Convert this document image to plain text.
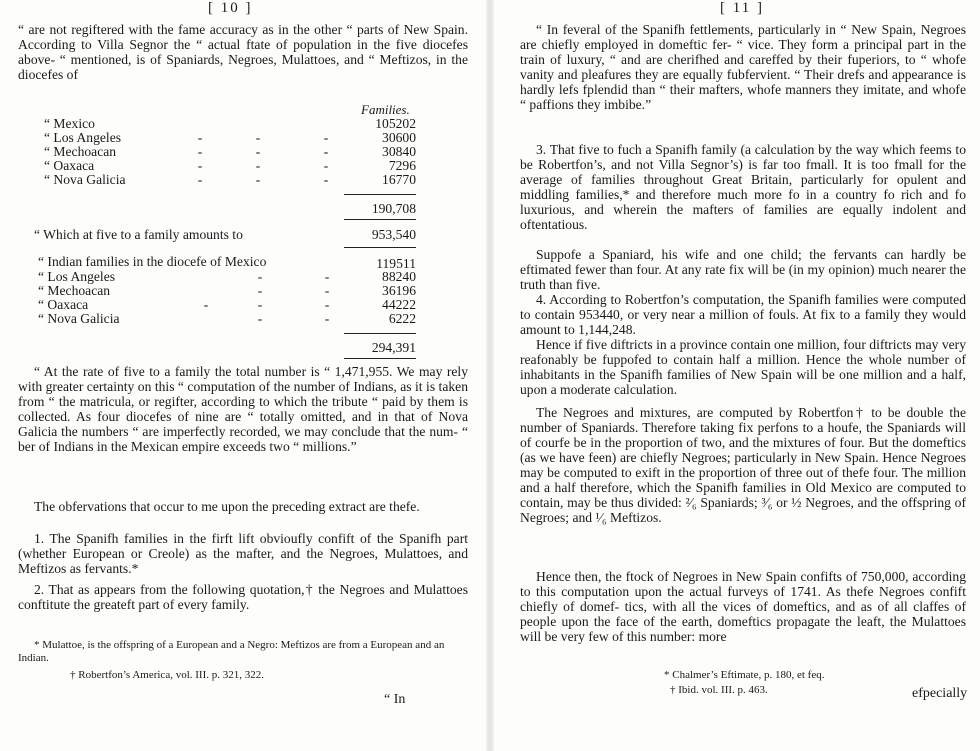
[ 10 ]

“ are not regiftered with the fame accuracy as in the other “ parts of New Spain. According to Villa Segnor the “ actual ftate of population in the five diocefes above- “ mentioned, is of Spaniards, Negroes, Mulattoes, and “ Meftizos, in the diocefes of

Families.
“ Mexico				105202
“ Los Angeles	-	-	-	30600
“ Mechoacan	-	-	-	30840
“ Oaxaca	-	-	-	7296
“ Nova Galicia	-	-	-	16770
190,708
“ Which at five to a family amounts to	953,540
“ Indian families in the diocefe of Mexico	119511
“ Los Angeles		-	-	88240
“ Mechoacan		-	-	36196
“ Oaxaca	-	-	-	44222
“ Nova Galicia		-	-	6222
294,391

“ At the rate of five to a family the total number is “ 1,471,955. We may rely with greater certainty on this “ computation of the number of Indians, as it is taken from “ the matricula, or regifter, according to which the tribute “ paid by them is collected. As four diocefes of nine are “ totally omitted, and in that of Nova Galicia the numbers “ are imperfectly recorded, we may conclude that the num- “ ber of Indians in the Mexican empire exceeds two “ millions.”

The obfervations that occur to me upon the preceding extract are thefe.

1. The Spanifh families in the firft lift obvioufly confift of the Spanifh part (whether European or Creole) as the mafter, and the Negroes, Mulattoes, and Meftizos as fervants.*

2. That as appears from the following quotation,† the Negroes and Mulattoes conftitute the greateft part of every family.

* Mulattoe, is the offspring of a European and a Negro: Meftizos are from a European and an Indian.

† Robertfon’s America, vol. III. p. 321, 322.

“ In
[ 11 ]

“ In feveral of the Spanifh fettlements, particularly in “ New Spain, Negroes are chiefly employed in domeftic fer- “ vice. They form a principal part in the train of luxury, “ and are cherifhed and careffed by their fuperiors, to “ whofe vanity and pleafures they are equally fubfervient. “ Their drefs and appearance is hardly lefs fplendid than “ their mafters, whofe manners they imitate, and whofe “ paffions they imbibe.”

3. That five to fuch a Spanifh family (a calculation by the way which feems to be Robertfon’s, and not Villa Segnor’s) is far too fmall. It is too fmall for the average of families throughout Great Britain, particularly for opulent and middling families,* and therefore much more fo in a country fo rich and fo luxurious, and wherein the mafters of families are equally indolent and oftentatious.

Suppofe a Spaniard, his wife and one child; the fervants can hardly be eftimated fewer than four. At any rate fix will be (in my opinion) much nearer the truth than five.

4. According to Robertfon’s computation, the Spanifh families were computed to contain 953440, or very near a million of fouls. At fix to a family they would amount to 1,144,248.

Hence if five diftricts in a province contain one million, four diftricts may very reafonably be fuppofed to contain half a million. Hence the whole number of inhabitants in the Spanifh families of New Spain will be one million and a half, upon a moderate calculation.

The Negroes and mixtures, are computed by Robertfon† to be double the number of Spaniards. Therefore taking fix perfons to a houfe, the Spaniards will of courfe be in the proportion of two, and the mixtures of four. But the domeftics (as we have feen) are chiefly Negroes; particularly in New Spain. Hence Negroes may be computed to exift in the proportion of three out of thefe four. The million and a half therefore, which the Spanifh families in Old Mexico are computed to contain, may be thus divided: ²⁄₆ Spaniards; ³⁄₆ or ½ Negroes, and the offspring of Negroes; and ¹⁄₆ Meftizos.

Hence then, the ftock of Negroes in New Spain confifts of 750,000, according to this computation upon the actual furveys of 1741. As thefe Negroes confift chiefly of domef- tics, with all the vices of domeftics, and as of all claffes of people upon the face of the earth, domeftics propagate the leaft, the Mulattoes will be very few of this number: more

* Chalmer’s Eftimate, p. 180, et feq.

† Ibid. vol. III. p. 463.	efpecially
